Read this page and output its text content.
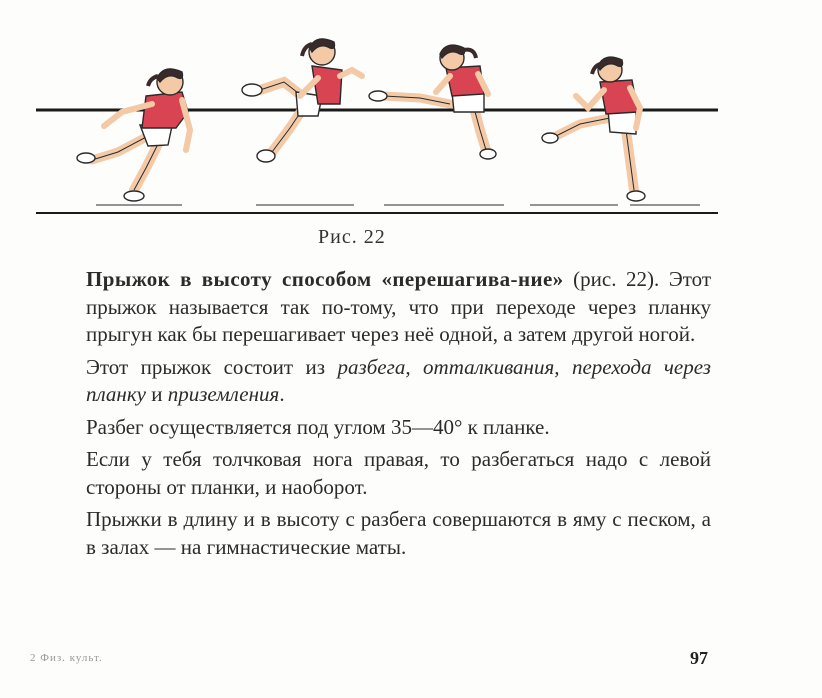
Рис. 22

Прыжок в высоту способом «перешагива-ние» (рис. 22). Этот прыжок называется так по-тому, что при переходе через планку прыгун как бы перешагивает через неё одной, а затем другой ногой.

Этот прыжок состоит из разбега, отталкивания, перехода через планку и приземления.

Разбег осуществляется под углом 35—40° к планке.

Если у тебя толчковая нога правая, то разбегаться надо с левой стороны от планки, и наоборот.

Прыжки в длину и в высоту с разбега совершаются в яму с песком, а в залах — на гимнастические маты.

2 Физ. культ.	97
